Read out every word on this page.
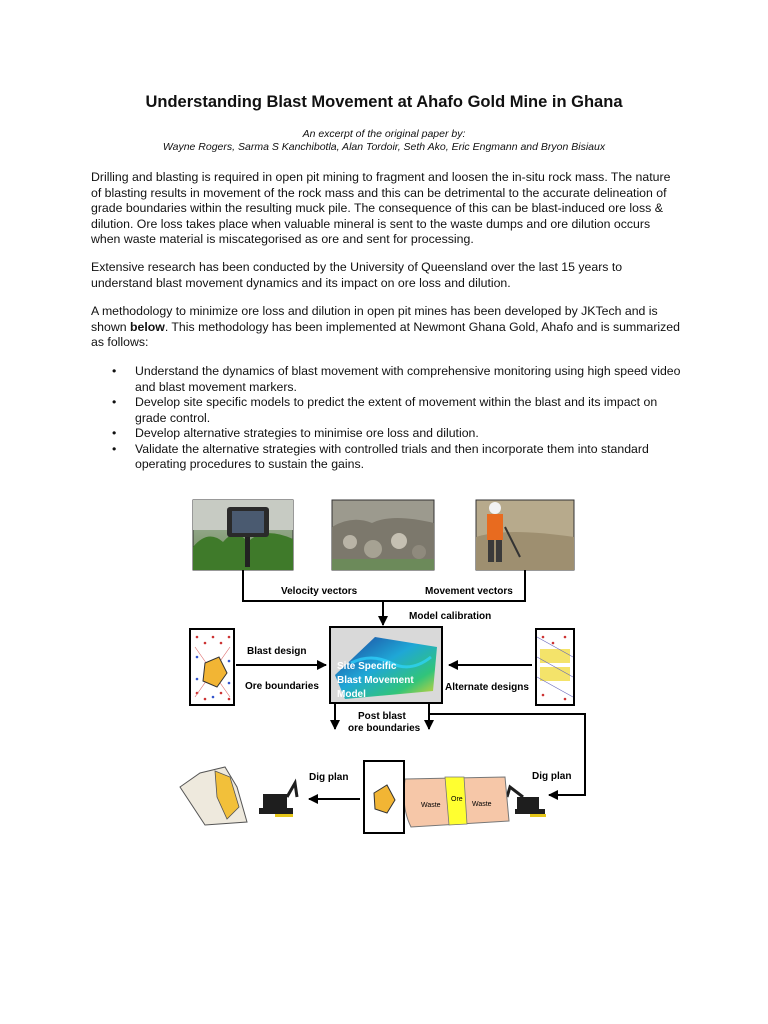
Understanding Blast Movement at Ahafo Gold Mine in Ghana
An excerpt of the original paper by:
Wayne Rogers, Sarma S Kanchibotla, Alan Tordoir, Seth Ako, Eric Engmann and Bryon Bisiaux

Drilling and blasting is required in open pit mining to fragment and loosen the in-situ rock mass. The nature of blasting results in movement of the rock mass and this can be detrimental to the accurate delineation of grade boundaries within the resulting muck pile. The consequence of this can be blast-induced ore loss & dilution. Ore loss takes place when valuable mineral is sent to the waste dumps and ore dilution occurs when waste material is miscategorised as ore and sent for processing.

Extensive research has been conducted by the University of Queensland over the last 15 years to understand blast movement dynamics and its impact on ore loss and dilution.

A methodology to minimize ore loss and dilution in open pit mines has been developed by JKTech and is shown below. This methodology has been implemented at Newmont Ghana Gold, Ahafo and is summarized as follows:

• Understand the dynamics of blast movement with comprehensive monitoring using high speed video and blast movement markers.
• Develop site specific models to predict the extent of movement within the blast and its impact on grade control.
• Develop alternative strategies to minimise ore loss and dilution.
• Validate the alternative strategies with controlled trials and then incorporate them into standard operating procedures to sustain the gains.
Velocity vectors	Movement vectors
Model calibration
Blast design
Ore boundaries
Site Specific
Blast Movement
Model
Alternate designs
Post blast
ore boundaries
Dig plan
Waste
Ore
Waste
Dig plan
